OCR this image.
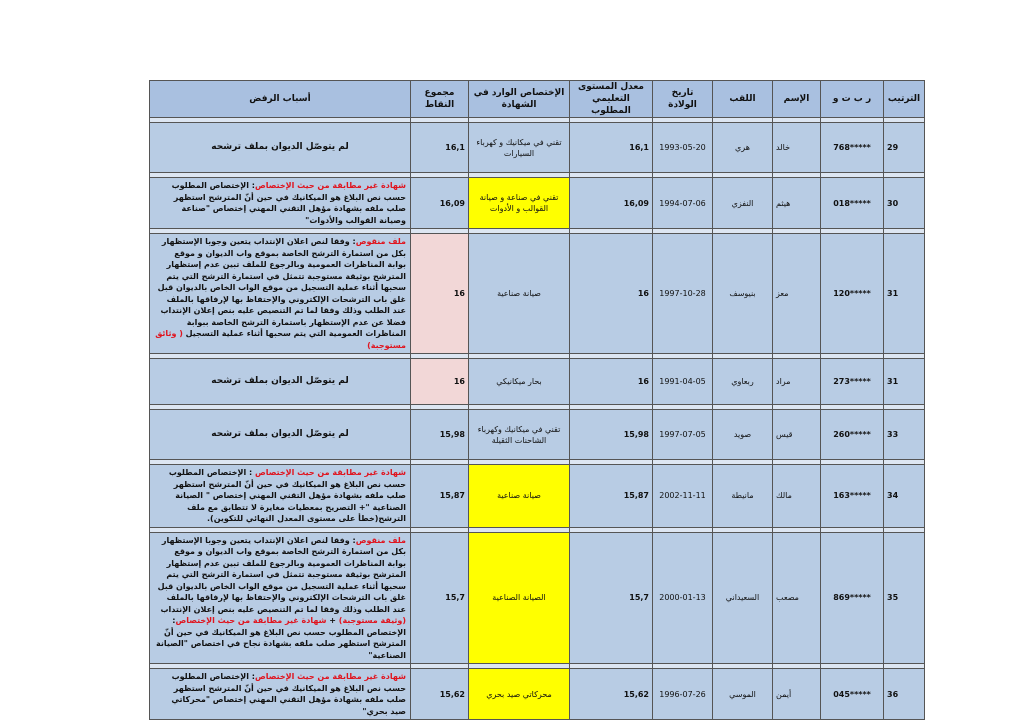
أسباب الرفض	مجموع النقاط	الإختصاص الوارد في الشهادة	معدل المستوى التعليمي المطلوب	تاريخ الولادة	اللقب	الإسم	ر ب ت و	الترتيب

لم يتوصّل الديوان بملف ترشحه	16,1	تقني في ميكانيك و كهرباء السيارات	16,1	1993-05-20	هري	خالد	768*****	29

شهادة غير مطابقة من حيث الإختصاص: الإختصاص المطلوب حسب نص البلاغ هو الميكانيك في حين أنّ المترشح استظهر صلب ملفه بشهادة مؤهل التقني المهني إختصاص "صناعة وصيانة القوالب والأدوات"	16,09	تقني في صناعة و صيانة القوالب و الأدوات	16,09	1994-07-06	النفزي	هيثم	018*****	30

ملف منقوص: وفقا لنص اعلان الإنتداب يتعين وجوبا الإستظهار بكل من استمارة الترشح الخاصة بموقع واب الديوان و موقع بوابة المناظرات العمومية وبالرجوع للملف تبين عدم إستظهار المترشح بوثيقة مستوجبة تتمثل في استمارة الترشح التي يتم سحبها أثناء عملية التسجيل من موقع الواب الخاص بالديوان قبل غلق باب الترشحات الإلكتروني والإحتفاظ بها لإرفاقها بالملف عند الطلب وذلك وفقا لما تم التنصيص عليه بنص إعلان الإنتداب فضلا عن عدم الإستظهار باستمارة الترشح الخاصة ببوابة المناظرات العمومية التي يتم سحبها أثناء عملية التسجيل ( وثائق مستوجبة)	16	صيانة صناعية	16	1997-10-28	بنيوسف	معز	120*****	31

لم يتوصّل الديوان بملف ترشحه	16	بحار ميكانيكي	16	1991-04-05	ربعاوي	مراد	273*****	31

لم يتوصّل الديوان بملف ترشحه	15,98	تقني في ميكانيك وكهرباء الشاحنات الثقيلة	15,98	1997-07-05	صويد	قيس	260*****	33

شهادة غير مطابقة من حيث الإختصاص : الإختصاص المطلوب حسب نص البلاغ هو الميكانيك في حين أنّ المترشح استظهر صلب ملفه بشهادة مؤهل التقني المهني إختصاص " الصيانة الصناعية "+ التصريح بمعطيات مغايرة لا تتطابق مع ملف الترشح(خطأ على مستوى المعدل النهائي للتكوين).	15,87	صيانة صناعية	15,87	2002-11-11	مانيطة	مالك	163*****	34

ملف منقوص: وفقا لنص اعلان الإنتداب يتعين وجوبا الإستظهار بكل من استمارة الترشح الخاصة بموقع واب الديوان و موقع بوابة المناظرات العمومية وبالرجوع للملف تبين عدم إستظهار المترشح بوثيقة مستوجبة تتمثل في استمارة الترشح التي يتم سحبها أثناء عملية التسجيل من موقع الواب الخاص بالديوان قبل غلق باب الترشحات الإلكتروني والإحتفاظ بها لإرفاقها بالملف عند الطلب وذلك وفقا لما تم التنصيص عليه بنص إعلان الإنتداب (وثيقة مستوجبة) + شهادة غير مطابقة من حيث الإختصاص: الإختصاص المطلوب حسب نص البلاغ هو الميكانيك في حين أنّ المترشح استظهر صلب ملفه بشهادة نجاح في اختصاص "الصيانة الصناعية"	15,7	الصيانة الصناعية	15,7	2000-01-13	السعيداني	مصعب	869*****	35

شهادة غير مطابقة من حيث الإختصاص: الإختصاص المطلوب حسب نص البلاغ هو الميكانيك في حين أنّ المترشح استظهر صلب ملفه بشهادة مؤهل التقني المهني إختصاص "محركاتي صيد بحري"	15,62	محركاتي صيد بحري	15,62	1996-07-26	الموسي	أيمن	045*****	36
